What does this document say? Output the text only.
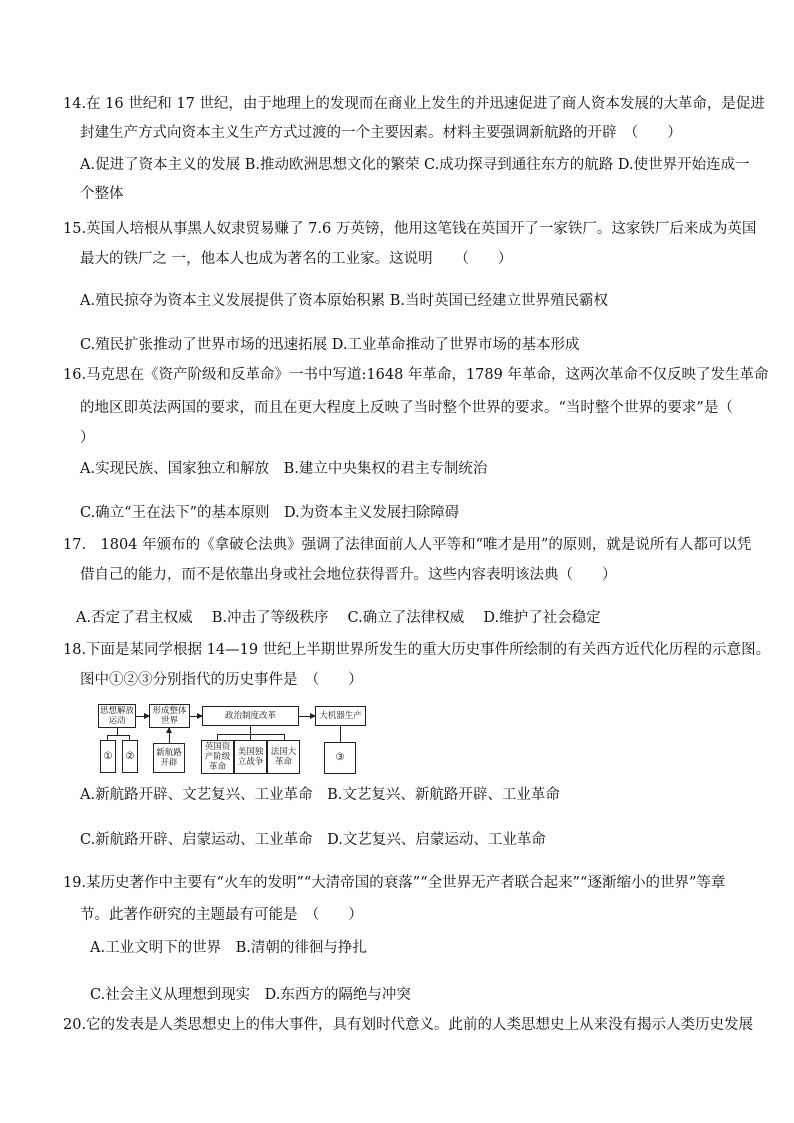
14.在 16 世纪和 17 世纪，由于地理上的发现而在商业上发生的并迅速促进了商人资本发展的大革命，是促进
封建生产方式向资本主义生产方式过渡的一个主要因素。材料主要强调新航路的开辟　（　　）
A.促进了资本主义的发展 B.推动欧洲思想文化的繁荣 C.成功探寻到通往东方的航路 D.使世界开始连成一
个整体
15.英国人培根从事黑人奴隶贸易赚了 7.6 万英镑，他用这笔钱在英国开了一家铁厂。这家铁厂后来成为英国
最大的铁厂之 一，他本人也成为著名的工业家。这说明　　（　　）
A.殖民掠夺为资本主义发展提供了资本原始积累 B.当时英国已经建立世界殖民霸权
C.殖民扩张推动了世界市场的迅速拓展 D.工业革命推动了世界市场的基本形成
16.马克思在《资产阶级和反革命》一书中写道:1648 年革命，1789 年革命，这两次革命不仅反映了发生革命
的地区即英法两国的要求，而且在更大程度上反映了当时整个世界的要求。“当时整个世界的要求”是（
）
A.实现民族、国家独立和解放　B.建立中央集权的君主专制统治
C.确立“王在法下”的基本原则　D.为资本主义发展扫除障碍
17.　1804 年颁布的《拿破仑法典》强调了法律面前人人平等和“唯才是用”的原则，就是说所有人都可以凭
借自己的能力，而不是依靠出身或社会地位获得晋升。这些内容表明该法典（　　）
A.否定了君主权威　 B.冲击了等级秩序　 C.确立了法律权威　 D.维护了社会稳定
18.下面是某同学根据 14—19 世纪上半期世界所发生的重大历史事件所绘制的有关西方近代化历程的示意图。
图中①②③分别指代的历史事件是　（　　）
思想解放运动
形成整体世界	政治制度改革	大机器生产
①	②	新航路开辟
英国资产阶级革命
美国独立战争
法国大革命	③
A.新航路开辟、文艺复兴、工业革命　B.文艺复兴、新航路开辟、工业革命
C.新航路开辟、启蒙运动、工业革命　D.文艺复兴、启蒙运动、工业革命
19.某历史著作中主要有“火车的发明”“大清帝国的衰落”“全世界无产者联合起来”“逐渐缩小的世界”等章
节。此著作研究的主题最有可能是　（　　）
A.工业文明下的世界　B.清朝的徘徊与挣扎
C.社会主义从理想到现实　D.东西方的隔绝与冲突
20.它的发表是人类思想史上的伟大事件，具有划时代意义。此前的人类思想史上从来没有揭示人类历史发展
